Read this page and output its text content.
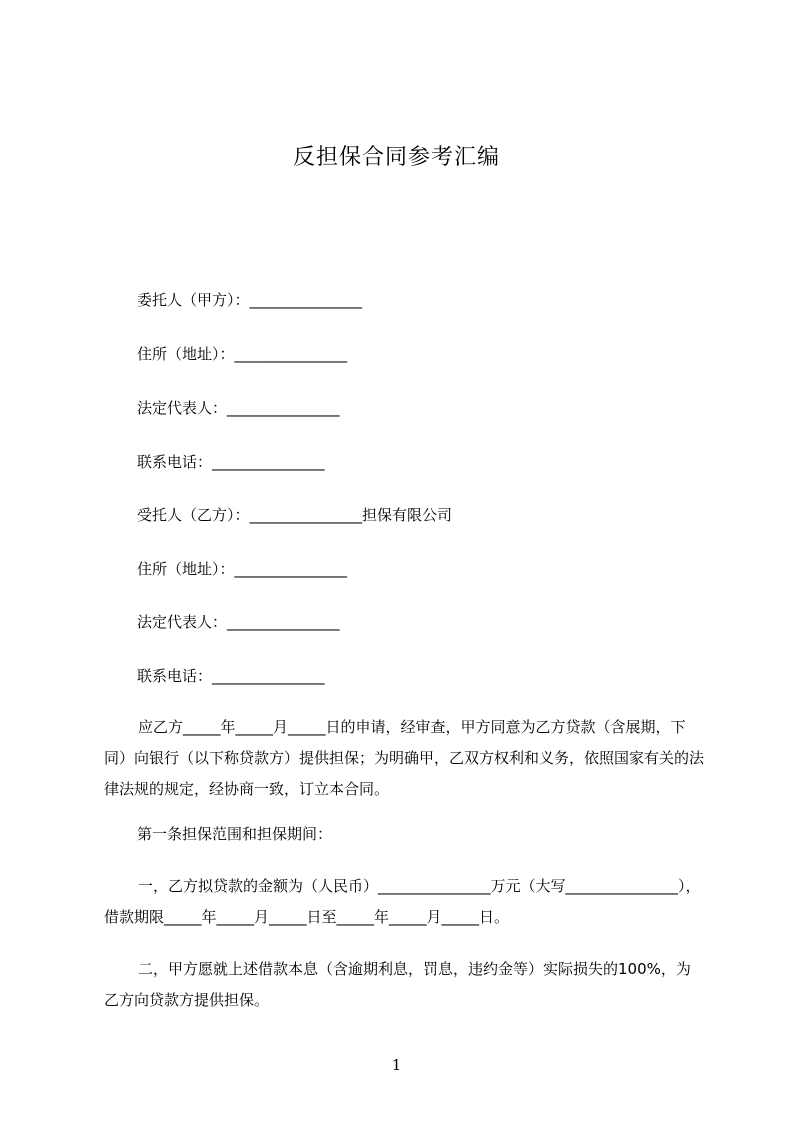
反担保合同参考汇编
委托人（甲方）：_______________
住所（地址）：_______________
法定代表人：_______________
联系电话：_______________
受托人（乙方）：_______________担保有限公司
住所（地址）：_______________
法定代表人：_______________
联系电话：_______________
应乙方_____年_____月_____日的申请，经审查，甲方同意为乙方贷款（含展期，下同）向银行（以下称贷款方）提供担保；为明确甲，乙双方权利和义务，依照国家有关的法律法规的规定，经协商一致，订立本合同。
第一条担保范围和担保期间：
一，乙方拟贷款的金额为（人民币）_______________万元（大写_______________），借款期限_____年_____月_____日至_____年_____月_____日。
二，甲方愿就上述借款本息（含逾期利息，罚息，违约金等）实际损失的100%，为乙方向贷款方提供担保。
1
